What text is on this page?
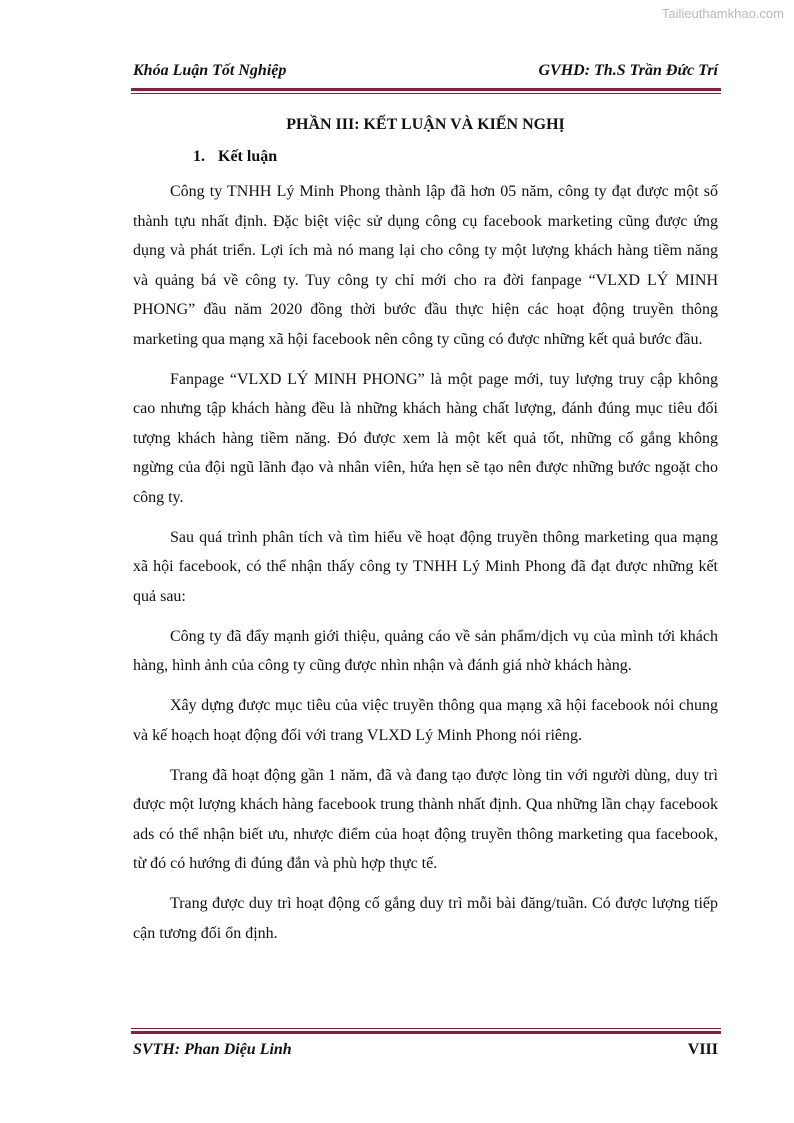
Tailieuthamkhao.com
Khóa Luận Tốt Nghiệp	GVHD: Th.S Trần Đức Trí
PHẦN III: KẾT LUẬN VÀ KIẾN NGHỊ
1. Kết luận

Công ty TNHH Lý Minh Phong thành lập đã hơn 05 năm, công ty đạt được một số thành tựu nhất định. Đặc biệt việc sử dụng công cụ facebook marketing cũng được ứng dụng và phát triển. Lợi ích mà nó mang lại cho công ty một lượng khách hàng tiềm năng và quảng bá về công ty. Tuy công ty chỉ mới cho ra đời fanpage “VLXD LÝ MINH PHONG” đầu năm 2020 đồng thời bước đầu thực hiện các hoạt động truyền thông marketing qua mạng xã hội facebook nên công ty cũng có được những kết quả bước đầu.

Fanpage “VLXD LÝ MINH PHONG” là một page mới, tuy lượng truy cập không cao nhưng tập khách hàng đều là những khách hàng chất lượng, đánh đúng mục tiêu đối tượng khách hàng tiềm năng. Đó được xem là một kết quả tốt, những cố gắng không ngừng của đội ngũ lãnh đạo và nhân viên, hứa hẹn sẽ tạo nên được những bước ngoặt cho công ty.

Sau quá trình phân tích và tìm hiểu về hoạt động truyền thông marketing qua mạng xã hội facebook, có thể nhận thấy công ty TNHH Lý Minh Phong đã đạt được những kết quả sau:

Công ty đã đẩy mạnh giới thiệu, quảng cáo về sản phẩm/dịch vụ của mình tới khách hàng, hình ảnh của công ty cũng được nhìn nhận và đánh giá nhờ khách hàng.

Xây dựng được mục tiêu của việc truyền thông qua mạng xã hội facebook nói chung và kế hoạch hoạt động đối với trang VLXD Lý Minh Phong nói riêng.

Trang đã hoạt động gần 1 năm, đã và đang tạo được lòng tin với người dùng, duy trì được một lượng khách hàng facebook trung thành nhất định. Qua những lần chạy facebook ads có thể nhận biết ưu, nhược điểm của hoạt động truyền thông marketing qua facebook, từ đó có hướng đi đúng đắn và phù hợp thực tế.

Trang được duy trì hoạt động cố gắng duy trì mỗi bài đăng/tuần. Có được lượng tiếp cận tương đối ổn định.

SVTH: Phan Diệu Linh	VIII
